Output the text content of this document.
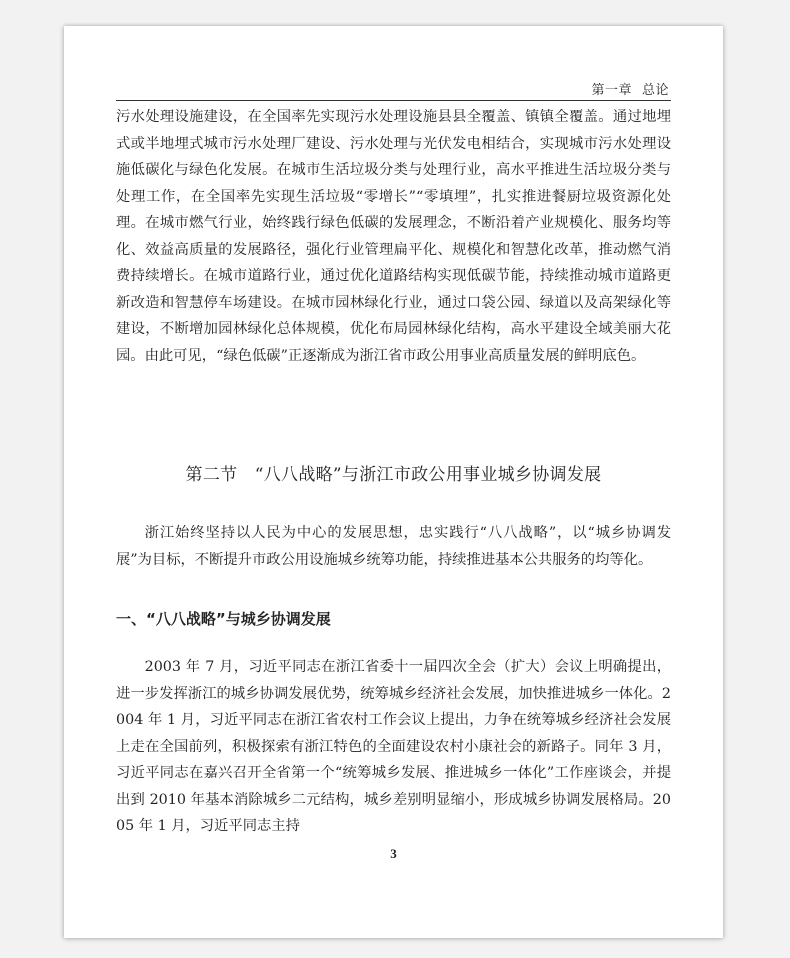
第一章 总论
污水处理设施建设，在全国率先实现污水处理设施县县全覆盖、镇镇全覆盖。通过地埋式或半地埋式城市污水处理厂建设、污水处理与光伏发电相结合，实现城市污水处理设施低碳化与绿色化发展。在城市生活垃圾分类与处理行业，高水平推进生活垃圾分类与处理工作，在全国率先实现生活垃圾“零增长”“零填埋”，扎实推进餐厨垃圾资源化处理。在城市燃气行业，始终践行绿色低碳的发展理念，不断沿着产业规模化、服务均等化、效益高质量的发展路径，强化行业管理扁平化、规模化和智慧化改革，推动燃气消费持续增长。在城市道路行业，通过优化道路结构实现低碳节能，持续推动城市道路更新改造和智慧停车场建设。在城市园林绿化行业，通过口袋公园、绿道以及高架绿化等建设，不断增加园林绿化总体规模，优化布局园林绿化结构，高水平建设全域美丽大花园。由此可见，“绿色低碳”正逐渐成为浙江省市政公用事业高质量发展的鲜明底色。
第二节　“八八战略”与浙江市政公用事业城乡协调发展
浙江始终坚持以人民为中心的发展思想，忠实践行“八八战略”，以“城乡协调发展”为目标，不断提升市政公用设施城乡统筹功能，持续推进基本公共服务的均等化。
一、“八八战略”与城乡协调发展
2003 年 7 月，习近平同志在浙江省委十一届四次全会（扩大）会议上明确提出，进一步发挥浙江的城乡协调发展优势，统筹城乡经济社会发展，加快推进城乡一体化。2004 年 1 月，习近平同志在浙江省农村工作会议上提出，力争在统筹城乡经济社会发展上走在全国前列，积极探索有浙江特色的全面建设农村小康社会的新路子。同年 3 月，习近平同志在嘉兴召开全省第一个“统筹城乡发展、推进城乡一体化”工作座谈会，并提出到 2010 年基本消除城乡二元结构，城乡差别明显缩小，形成城乡协调发展格局。2005 年 1 月，习近平同志主持
3
